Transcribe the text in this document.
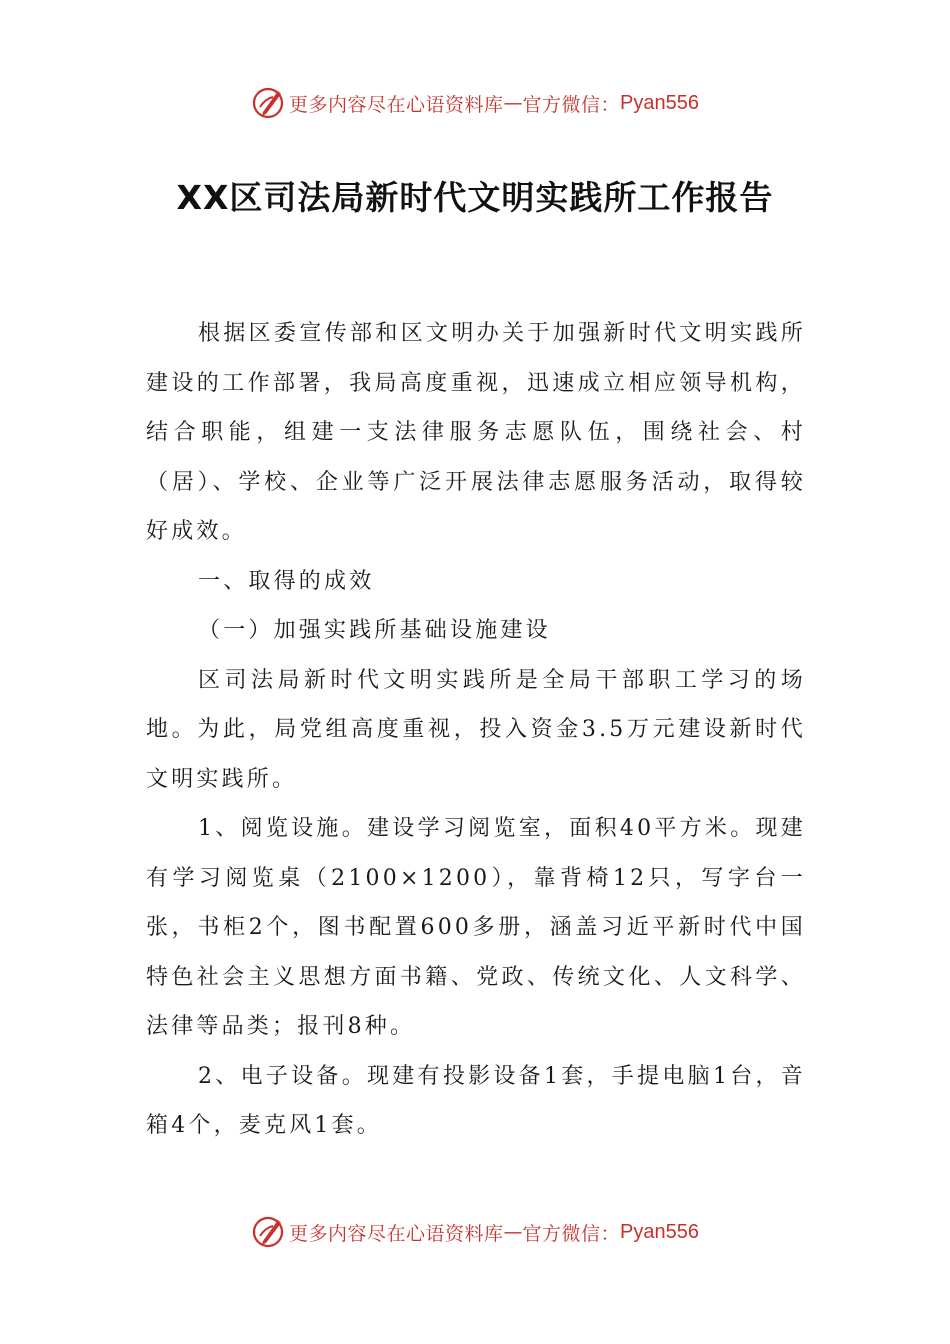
更多内容尽在心语资料库 — 官方微信： Pyan556
XX区司法局新时代文明实践所工作报告

根据区委宣传部和区文明办关于加强新时代文明实践所建设的工作部署，我局高度重视，迅速成立相应领导机构，结合职能，组建一支法律服务志愿队伍，围绕社会、村（居）、学校、企业等广泛开展法律志愿服务活动，取得较好成效。

一、取得的成效

（一）加强实践所基础设施建设

区司法局新时代文明实践所是全局干部职工学习的场地。为此，局党组高度重视，投入资金3.5万元建设新时代文明实践所。

1、阅览设施。建设学习阅览室，面积40平方米。现建有学习阅览桌（2100×1200），靠背椅12只，写字台一张，书柜2个，图书配置600多册，涵盖习近平新时代中国特色社会主义思想方面书籍、党政、传统文化、人文科学、法律等品类；报刊8种。

2、电子设备。现建有投影设备1套，手提电脑1台，音箱4个，麦克风1套。

更多内容尽在心语资料库 — 官方微信： Pyan556
